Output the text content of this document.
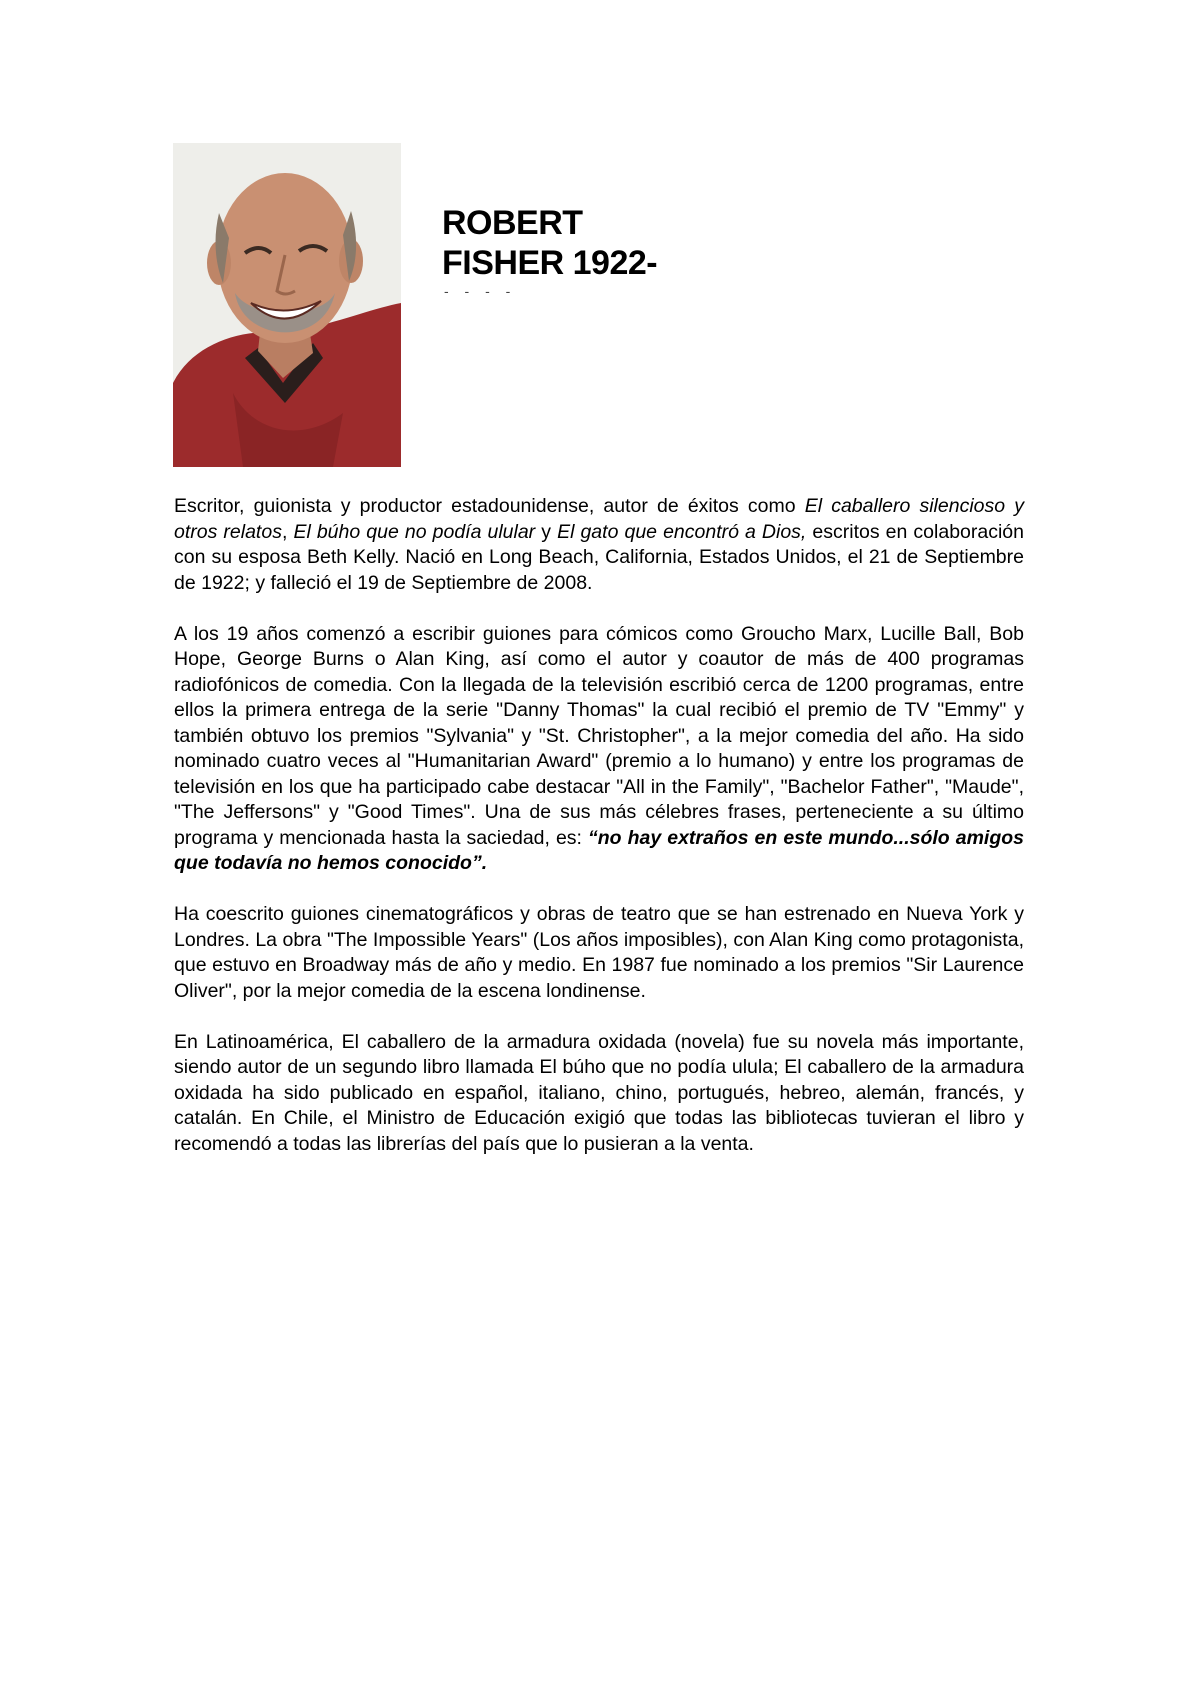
ROBERT
FISHER 1922-
- - - -

Escritor, guionista y productor estadounidense, autor de éxitos como El caballero silencioso y otros relatos, El búho que no podía ulular y El gato que encontró a Dios, escritos en colaboración con su esposa Beth Kelly. Nació en Long Beach, California, Estados Unidos, el 21 de Septiembre de 1922; y falleció el 19 de Septiembre de 2008.

A los 19 años comenzó a escribir guiones para cómicos como Groucho Marx, Lucille Ball, Bob Hope, George Burns o Alan King, así como el autor y coautor de más de 400 programas radiofónicos de comedia. Con la llegada de la televisión escribió cerca de 1200 programas, entre ellos la primera entrega de la serie "Danny Thomas" la cual recibió el premio de TV "Emmy" y también obtuvo los premios "Sylvania" y "St. Christopher", a la mejor comedia del año. Ha sido nominado cuatro veces al "Humanitarian Award" (premio a lo humano) y entre los programas de televisión en los que ha participado cabe destacar "All in the Family", "Bachelor Father", "Maude", "The Jeffersons" y "Good Times". Una de sus más célebres frases, perteneciente a su último programa y mencionada hasta la saciedad, es: “no hay extraños en este mundo...sólo amigos que todavía no hemos conocido”.

Ha coescrito guiones cinematográficos y obras de teatro que se han estrenado en Nueva York y Londres. La obra "The Impossible Years" (Los años imposibles), con Alan King como protagonista, que estuvo en Broadway más de año y medio. En 1987 fue nominado a los premios "Sir Laurence Oliver", por la mejor comedia de la escena londinense.

En Latinoamérica, El caballero de la armadura oxidada (novela) fue su novela más importante, siendo autor de un segundo libro llamada El búho que no podía ulula; El caballero de la armadura oxidada ha sido publicado en español, italiano, chino, portugués, hebreo, alemán, francés, y catalán. En Chile, el Ministro de Educación exigió que todas las bibliotecas tuvieran el libro y recomendó a todas las librerías del país que lo pusieran a la venta.
